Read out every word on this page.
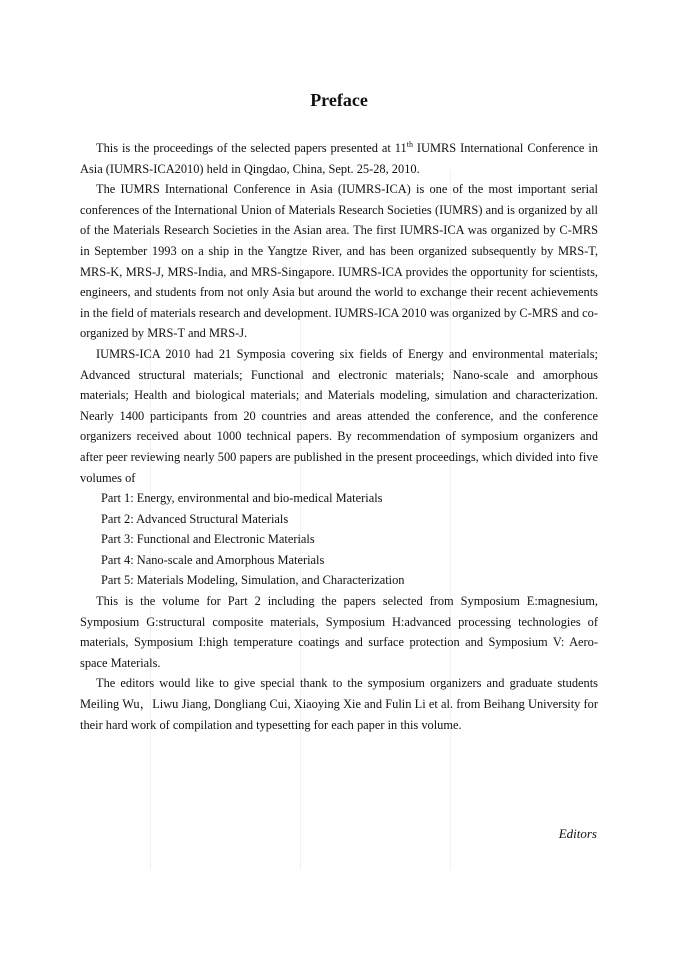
Preface

This is the proceedings of the selected papers presented at 11th IUMRS International Conference in Asia (IUMRS-ICA2010) held in Qingdao, China, Sept. 25-28, 2010.

The IUMRS International Conference in Asia (IUMRS-ICA) is one of the most important serial conferences of the International Union of Materials Research Societies (IUMRS) and is organized by all of the Materials Research Societies in the Asian area. The first IUMRS-ICA was organized by C-MRS in September 1993 on a ship in the Yangtze River, and has been organized subsequently by MRS-T, MRS-K, MRS-J, MRS-India, and MRS-Singapore. IUMRS-ICA provides the opportunity for scientists, engineers, and students from not only Asia but around the world to exchange their recent achievements in the field of materials research and development. IUMRS-ICA 2010 was organized by C-MRS and co-organized by MRS-T and MRS-J.

IUMRS-ICA 2010 had 21 Symposia covering six fields of Energy and environmental materials; Advanced structural materials; Functional and electronic materials; Nano-scale and amorphous materials; Health and biological materials; and Materials modeling, simulation and characterization. Nearly 1400 participants from 20 countries and areas attended the conference, and the conference organizers received about 1000 technical papers. By recommendation of symposium organizers and after peer reviewing nearly 500 papers are published in the present proceedings, which divided into five volumes of

Part 1: Energy, environmental and bio-medical Materials
Part 2: Advanced Structural Materials
Part 3: Functional and Electronic Materials
Part 4: Nano-scale and Amorphous Materials
Part 5: Materials Modeling, Simulation, and Characterization

This is the volume for Part 2 including the papers selected from Symposium E:magnesium, Symposium G:structural composite materials, Symposium H:advanced processing technologies of materials, Symposium I:high temperature coatings and surface protection and Symposium V: Aero-space Materials.

The editors would like to give special thank to the symposium organizers and graduate students Meiling Wu，Liwu Jiang, Dongliang Cui, Xiaoying Xie and Fulin Li et al. from Beihang University for their hard work of compilation and typesetting for each paper in this volume.

Editors
